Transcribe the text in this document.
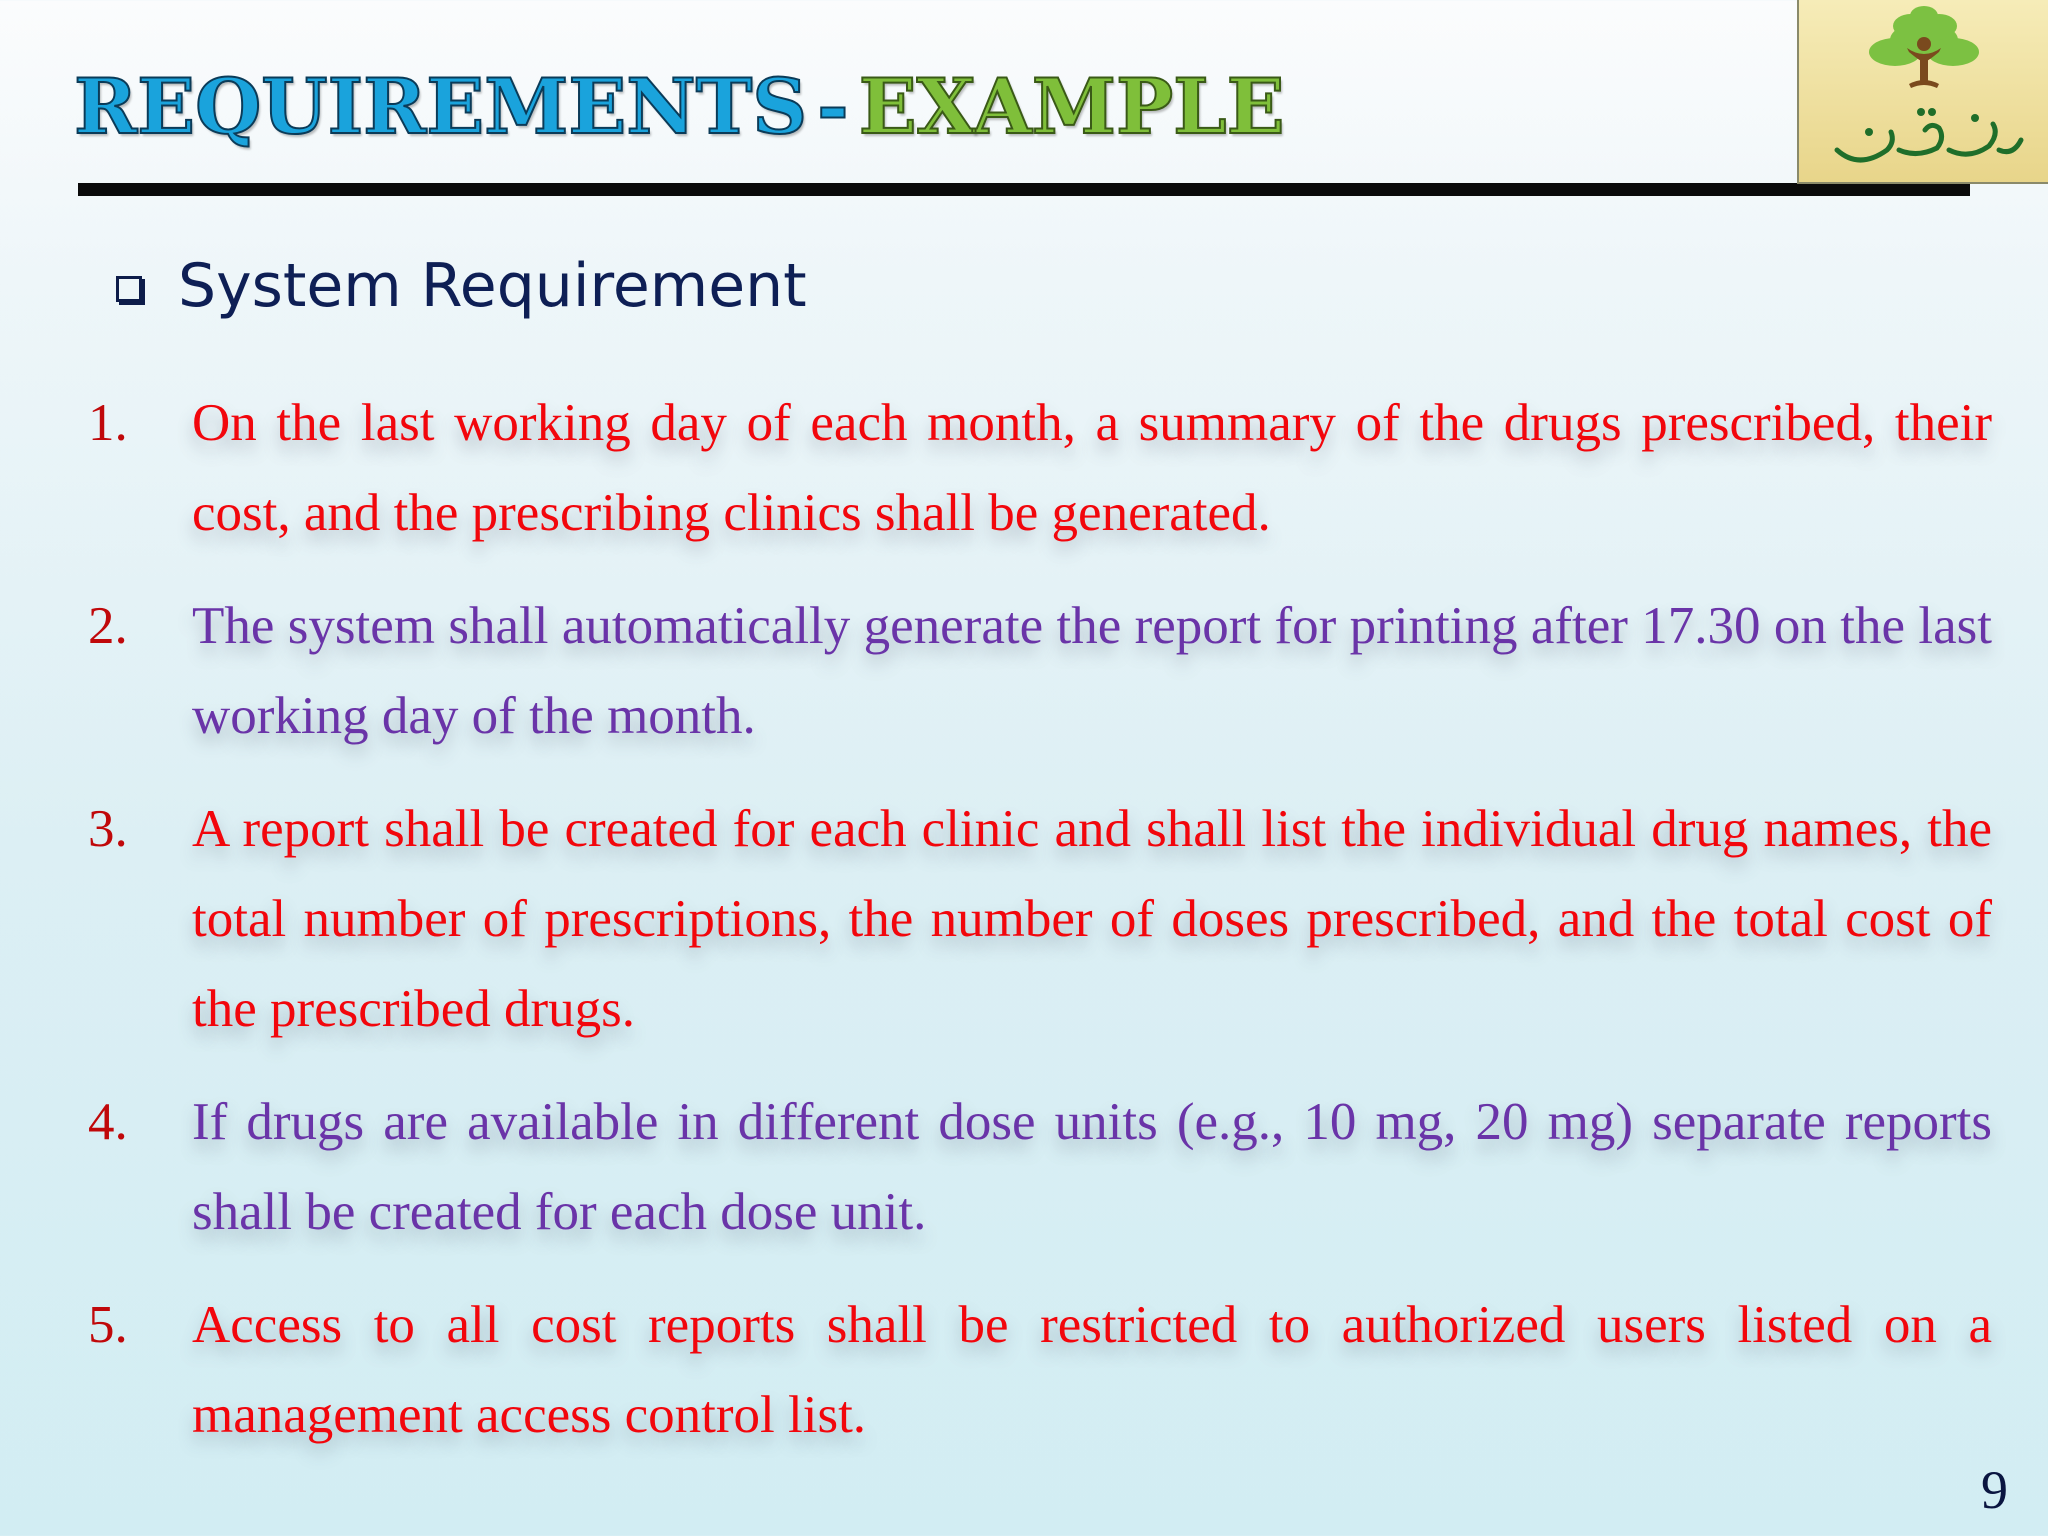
REQUIREMENTS - EXAMPLE
System Requirement
1.	On the last working day of each month, a summary of the drugs prescribed, their cost, and the prescribing clinics shall be generated.
2.	The system shall automatically generate the report for printing after 17.30 on the last working day of the month.
3.	A report shall be created for each clinic and shall list the individual drug names, the total number of prescriptions, the number of doses prescribed, and the total cost of the prescribed drugs.
4.	If drugs are available in different dose units (e.g., 10 mg, 20 mg) separate reports shall be created for each dose unit.
5.	Access to all cost reports shall be restricted to authorized users listed on a management access control list.
9
